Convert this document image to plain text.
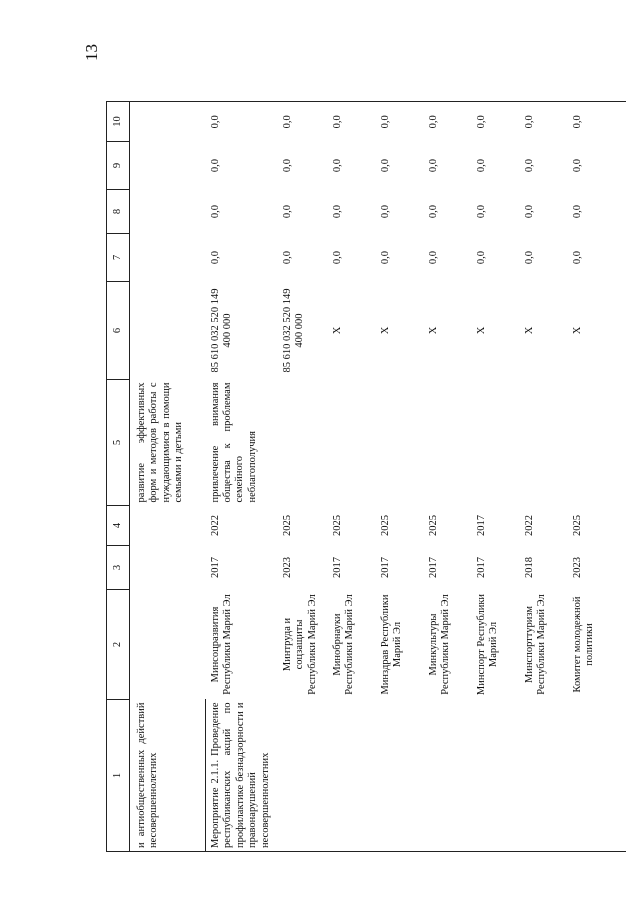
13
1	2	3	4	5	6	7	8	9	10
и антиобщественных действий несовершеннолетних				развитие эффективных форм и методов работы с нуждающимися в помощи семьями и детьми					
Мероприятие 2.1.1. Проведение республиканских акций по профилактике безнадзорности и правонарушений несовершеннолетних	Минсоцразвития Республики Марий Эл	2017	2022	привлечение внимания общества к проблемам семейного неблагополучия	85 610 032 520 149 400 000	0,0	0,0	0,0	0,0
	Минтруда и соцзащиты Республики Марий Эл	2023	2025		85 610 032 520 149 400 000	0,0	0,0	0,0	0,0
	Минобрнауки Республики Марий Эл	2017	2025		Х	0,0	0,0	0,0	0,0
	Минздрав Республики Марий Эл	2017	2025		Х	0,0	0,0	0,0	0,0
	Минкультуры Республики Марий Эл	2017	2025		Х	0,0	0,0	0,0	0,0
	Минспорт Республики Марий Эл	2017	2017		Х	0,0	0,0	0,0	0,0
	Минспорттуризм Республики Марий Эл	2018	2022		Х	0,0	0,0	0,0	0,0
	Комитет молодежной политики	2023	2025		Х	0,0	0,0	0,0	0,0
